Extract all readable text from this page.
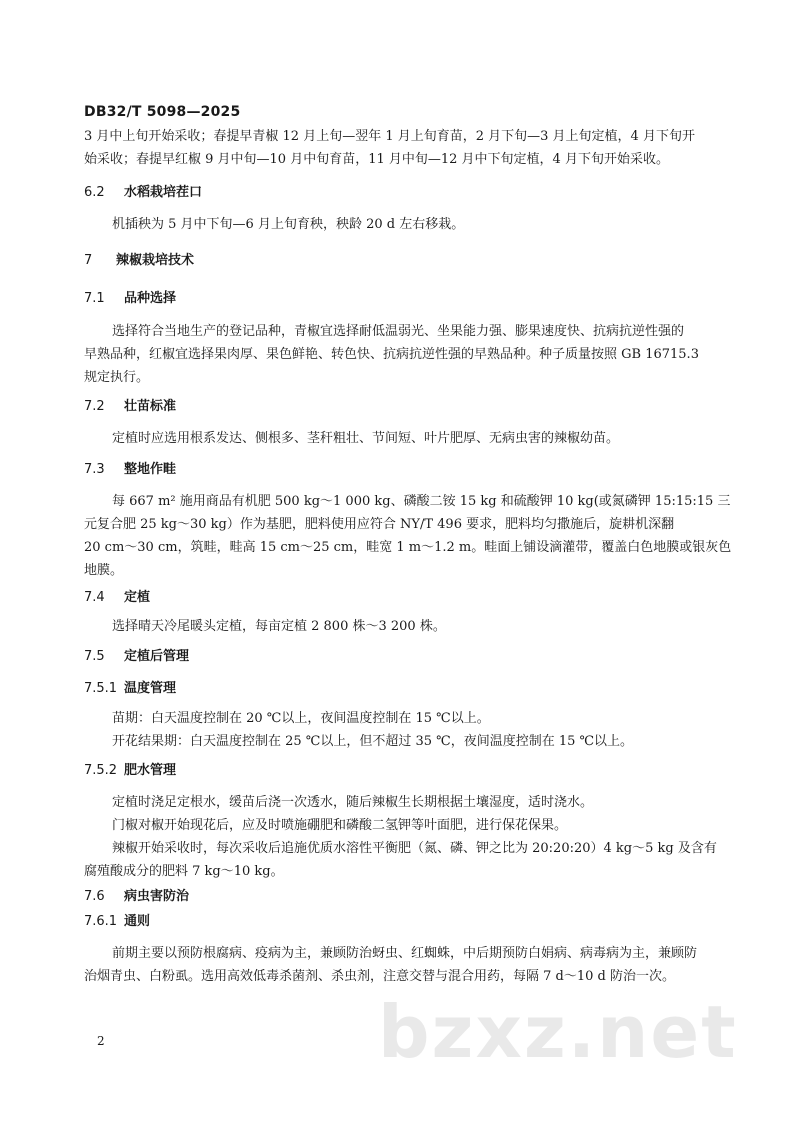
DB32/T 5098—2025
3 月中上旬开始采收；春提早青椒 12 月上旬—翌年 1 月上旬育苗，2 月下旬—3 月上旬定植，4 月下旬开
始采收；春提早红椒 9 月中旬—10 月中旬育苗，11 月中旬—12 月中下旬定植，4 月下旬开始采收。
6.2 水稻栽培茬口
机插秧为 5 月中下旬—6 月上旬育秧，秧龄 20 d 左右移栽。
7 辣椒栽培技术
7.1 品种选择
选择符合当地生产的登记品种，青椒宜选择耐低温弱光、坐果能力强、膨果速度快、抗病抗逆性强的
早熟品种，红椒宜选择果肉厚、果色鲜艳、转色快、抗病抗逆性强的早熟品种。种子质量按照 GB 16715.3
规定执行。
7.2 壮苗标准
定植时应选用根系发达、侧根多、茎秆粗壮、节间短、叶片肥厚、无病虫害的辣椒幼苗。
7.3 整地作畦
每 667 m² 施用商品有机肥 500 kg～1 000 kg、磷酸二铵 15 kg 和硫酸钾 10 kg(或氮磷钾 15:15:15 三
元复合肥 25 kg～30 kg）作为基肥，肥料使用应符合 NY/T 496 要求，肥料均匀撒施后，旋耕机深翻
20 cm～30 cm，筑畦，畦高 15 cm～25 cm，畦宽 1 m～1.2 m。畦面上铺设滴灌带，覆盖白色地膜或银灰色
地膜。
7.4 定植
选择晴天冷尾暖头定植，每亩定植 2 800 株～3 200 株。
7.5 定植后管理
7.5.1 温度管理
苗期：白天温度控制在 20 ℃以上，夜间温度控制在 15 ℃以上。
开花结果期：白天温度控制在 25 ℃以上，但不超过 35 ℃，夜间温度控制在 15 ℃以上。
7.5.2 肥水管理
定植时浇足定根水，缓苗后浇一次透水，随后辣椒生长期根据土壤湿度，适时浇水。
门椒对椒开始现花后，应及时喷施硼肥和磷酸二氢钾等叶面肥，进行保花保果。
辣椒开始采收时，每次采收后追施优质水溶性平衡肥（氮、磷、钾之比为 20:20:20）4 kg～5 kg 及含有
腐殖酸成分的肥料 7 kg～10 kg。
7.6 病虫害防治
7.6.1 通则
前期主要以预防根腐病、疫病为主，兼顾防治蚜虫、红蜘蛛，中后期预防白娟病、病毒病为主，兼顾防
治烟青虫、白粉虱。选用高效低毒杀菌剂、杀虫剂，注意交替与混合用药，每隔 7 d～10 d 防治一次。
bzxz.net
2
